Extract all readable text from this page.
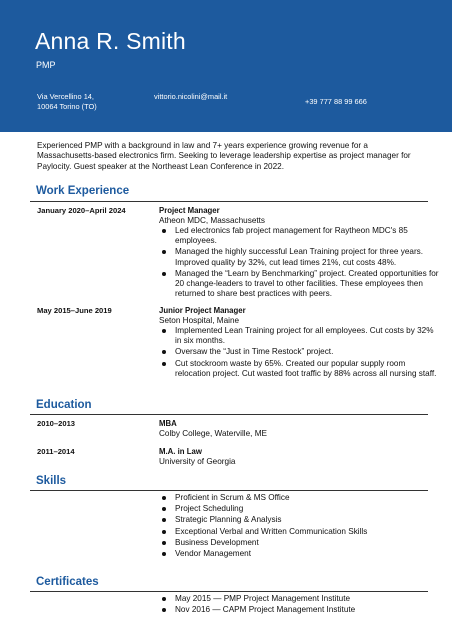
Anna R. Smith
PMP
Via Vercellino 14,
10064 Torino (TO)
vittorio.nicolini@mail.it
+39 777 88 99 666
Experienced PMP with a background in law and 7+ years experience growing revenue for a Massachusetts-based electronics firm. Seeking to leverage leadership expertise as project manager for Paylocity. Guest speaker at the Northeast Lean Conference in 2022.
Work Experience
January 2020–April 2024	Project Manager
Atheon MDC, Massachusetts
Led electronics fab project management for Raytheon MDC's 85 employees.
Managed the highly successful Lean Training project for three years. Improved quality by 32%, cut lead times 21%, cut costs 48%.
Managed the “Learn by Benchmarking” project. Created opportunities for 20 change-leaders to travel to other facilities. These employees then returned to share best practices with peers.
May 2015–June 2019	Junior Project Manager
Seton Hospital, Maine
Implemented Lean Training project for all employees. Cut costs by 32% in six months.
Oversaw the “Just in Time Restock” project.
Cut stockroom waste by 65%. Created our popular supply room relocation project. Cut wasted foot traffic by 88% across all nursing staff.
Education
2010–2013	MBA
Colby College, Waterville, ME
2011–2014	M.A. in Law
University of Georgia
Skills
Proficient in Scrum & MS Office
Project Scheduling
Strategic Planning & Analysis
Exceptional Verbal and Written Communication Skills
Business Development
Vendor Management
Certificates
May 2015 — PMP Project Management Institute
Nov 2016 — CAPM Project Management Institute
